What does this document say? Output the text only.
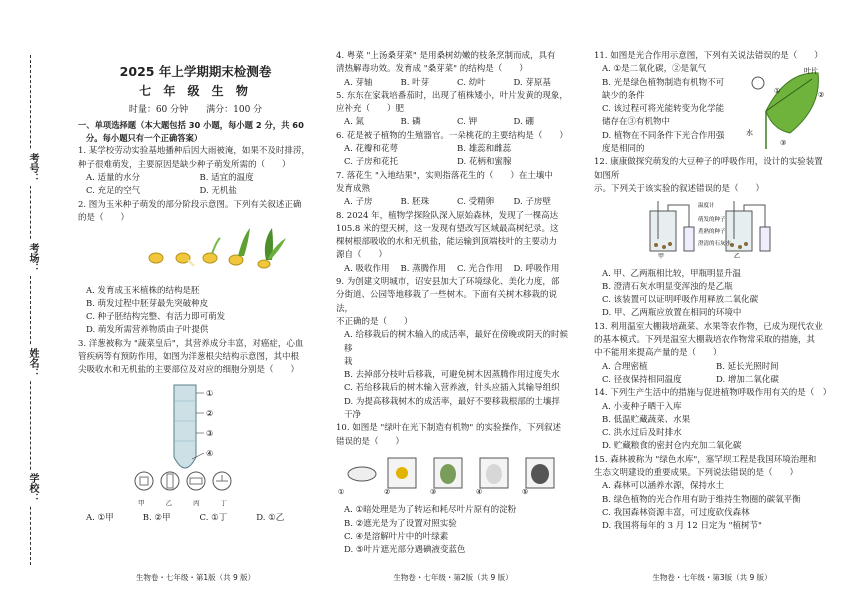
考号：
考场：
姓名：
学校：

2025 年上学期期末检测卷

七 年 级 生 物

时量：60 分钟　　满分：100 分

一、单项选择题（本大题包括 30 小题，每小题 2 分，共 60

分。每小题只有一个正确答案）

1. 某学校劳动实验基地播种后因大雨被淹，如果不及时排涝，

种子很难萌发，主要原因是缺少种子萌发所需的（　　）

A. 适量的水分	B. 适宜的温度
C. 充足的空气	D. 无机盐

2. 图为玉米种子萌发的部分阶段示意图。下列有关叙述正确

的是（　　）

A. 发育成玉米植株的结构是胚

B. 萌发过程中胚芽最先突破种皮

C. 种子胚结构完整、有活力即可萌发

D. 萌发所需营养物质由子叶提供

3. 洋葱被称为 "蔬菜皇后"，其营养成分丰富，对癌症，心血

管疾病等有预防作用，如图为洋葱根尖结构示意图，其中根

尖吸收水和无机盐的主要部位及对应的细胞分别是（　　）

①
②
③
④
甲	乙	丙	丁
A. ①甲	B. ②甲	C. ①丁	D. ①乙

4. 粤菜 "上汤桑芽菜" 是用桑树幼嫩的枝条烹制而成，具有

清热解毒功效。发育成 "桑芽菜" 的结构是（　　）

A. 芽轴	B. 叶芽	C. 幼叶	D. 芽原基

5. 东东在家栽培番茄时，出现了植株矮小，叶片发黄的现象，

应补充（　　）肥

A. 氮	B. 磷	C. 钾	D. 硼

6. 花是被子植物的生殖器官。一朵桃花的主要结构是（　　）

A. 花瓣和花萼	B. 雄蕊和雌蕊
C. 子房和花托	D. 花柄和蜜腺

7. 落花生 "入地结果"，实则指落花生的（　　）在土壤中

发育成熟

A. 子房	B. 胚珠	C. 受精卵	D. 子房壁

8. 2024 年，植物学探险队深入原始森林，发现了一棵高达

105.8 米的望天树，这一发现有望改写区域最高树纪录。这

棵树根部吸收的水和无机盐，能运输到顶端枝叶的主要动力

源自（　　）

A. 吸收作用	B. 蒸腾作用	C. 光合作用	D. 呼吸作用

9. 为创建文明城市，诏安县加大了环境绿化、美化力度，部

分街道、公园等地移栽了一些树木。下面有关树木移栽的说法，

不正确的是（　　）

A. 给移栽后的树木输入的成活率，最好在傍晚或阴天的时候移

栽

B. 去掉部分枝叶后移栽，可避免树木因蒸腾作用过度失水

C. 若给移栽后的树木输入营养液，针头应插入其输导组织

D. 为提高移栽树木的成活率，最好不要移栽根部的土壤拌

干净

10. 如图是 "绿叶在光下制造有机物" 的实验操作，下列叙述

错误的是（　　）

①	②	③	④	⑤

A. ①暗处理是为了转运和耗尽叶片原有的淀粉

B. ②遮光是为了设置对照实验

C. ④是溶解叶片中的叶绿素

D. ⑤叶片遮光部分遇碘液变蓝色

11. 如图是光合作用示意图，下列有关说法错误的是（　　）

A. ①是二氧化碳，②是氧气

B. 光是绿色植物制造有机物不可

缺少的条件

C. 该过程可将光能转变为化学能

储存在③有机物中

D. 植物在不同条件下光合作用强

度是相同的

叶片
①	②
水
③

12. 康康做探究萌发的大豆种子的呼吸作用，设计的实验装置如图所

示。下列关于该实验的叙述错误的是（　　）

温度计
萌发的种子
煮熟的种子
澄清的石灰水
甲	乙

A. 甲、乙两瓶相比较，甲瓶明显升温

B. 澄清石灰水明显变浑浊的是乙瓶

C. 该装置可以证明呼吸作用释放二氧化碳

D. 甲、乙两瓶应放置在相同的环境中

13. 利用温室大棚栽培蔬菜、水果等农作物，已成为现代农业

的基本模式。下列是温室大棚栽培农作物常采取的措施，其

中不能用来提高产量的是（　　）

A. 合理密植	B. 延长光照时间
C. 径夜保持相同温度	D. 增加二氧化碳

14. 下列生产生活中的措施与促进植物呼吸作用有关的是（　）

A. 小麦种子晒干入库

B. 低温贮藏蔬菜、水果

C. 洪水过后及时排水

D. 贮藏粮食的密封仓内充加二氧化碳

15. 森林被称为 "绿色水库"，塞罕坝工程是我国环境治理和

生态文明建设的重要成果。下列说法错误的是（　　）

A. 森林可以涵养水源，保持水土

B. 绿色植物的光合作用有助于维持生物圈的碳氧平衡

C. 我国森林资源丰富，可过度砍伐森林

D. 我国将每年的 3 月 12 日定为 "植树节"

生物卷・七年级・第1版（共 9 版）	生物卷・七年级・第2版（共 9 版）	生物卷・七年级・第3版（共 9 版）
